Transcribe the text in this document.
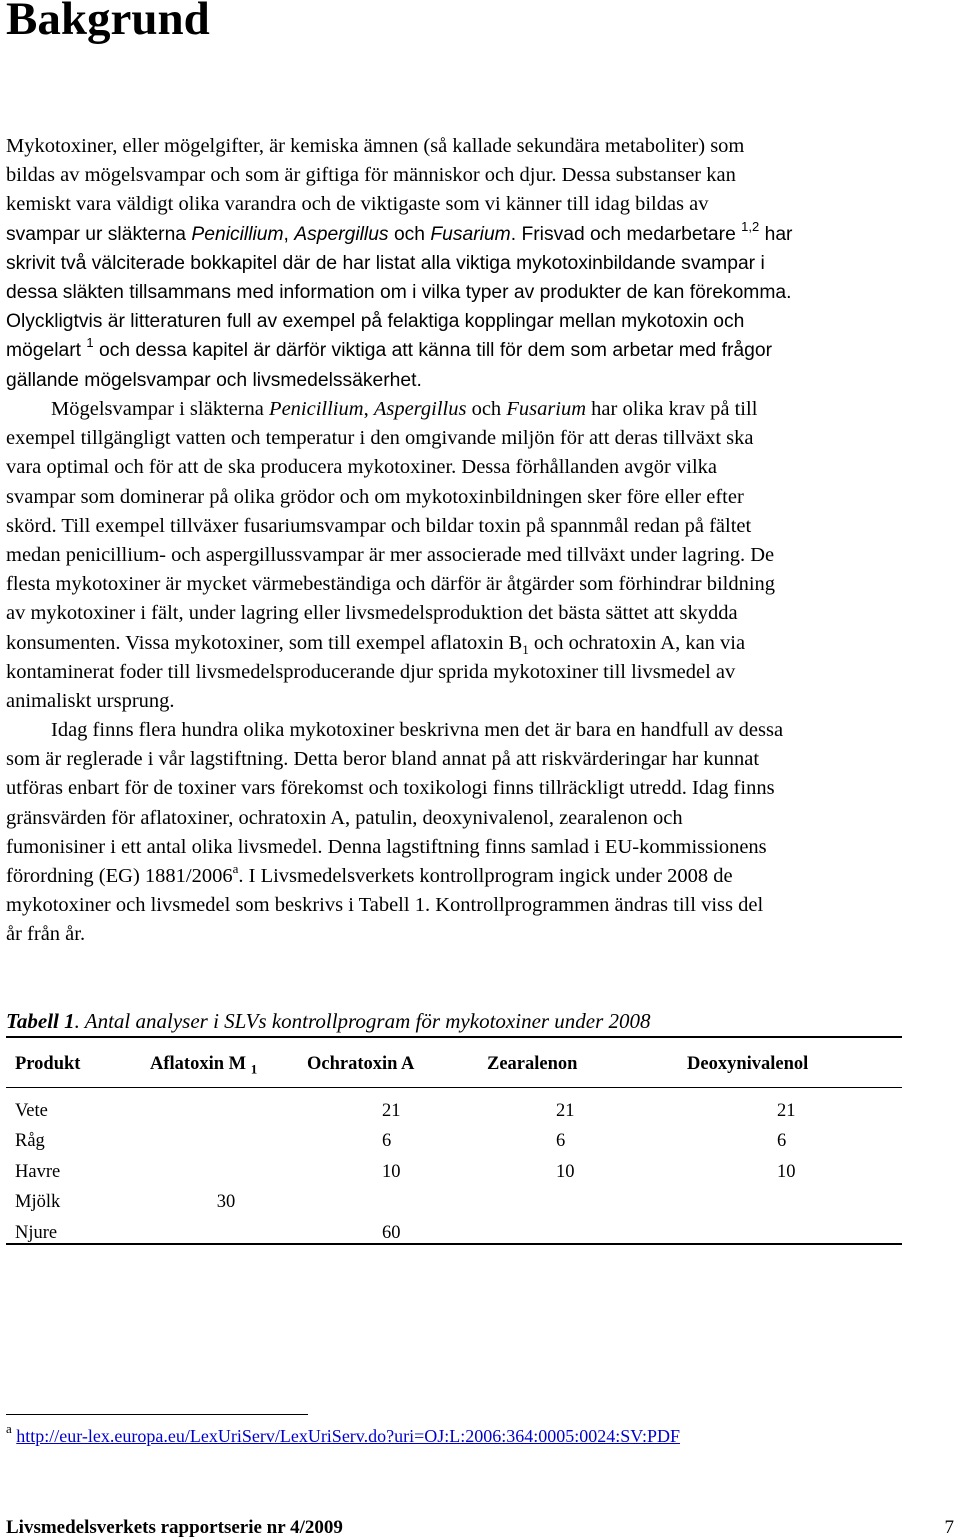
Bakgrund
Mykotoxiner, eller mögelgifter, är kemiska ämnen (så kallade sekundära metaboliter) som
bildas av mögelsvampar och som är giftiga för människor och djur. Dessa substanser kan
kemiskt vara väldigt olika varandra och de viktigaste som vi känner till idag bildas av
svampar ur släkterna Penicillium, Aspergillus och Fusarium. Frisvad och medarbetare $^{1,2}$ har
skrivit två välciterade bokkapitel där de har listat alla viktiga mykotoxinbildande svampar i
dessa släkten tillsammans med information om i vilka typer av produkter de kan förekomma.
Olyckligtvis är litteraturen full av exempel på felaktiga kopplingar mellan mykotoxin och
mögelart $^1$ och dessa kapitel är därför viktiga att känna till för dem som arbetar med frågor
gällande mögelsvampar och livsmedelssäkerhet.
Mögelsvampar i släkterna Penicillium, Aspergillus och Fusarium har olika krav på till
exempel tillgängligt vatten och temperatur i den omgivande miljön för att deras tillväxt ska
vara optimal och för att de ska producera mykotoxiner. Dessa förhållanden avgör vilka
svampar som dominerar på olika grödor och om mykotoxinbildningen sker före eller efter
skörd. Till exempel tillväxer fusariumsvampar och bildar toxin på spannmål redan på fältet
medan penicillium- och aspergillussvampar är mer associerade med tillväxt under lagring. De
flesta mykotoxiner är mycket värmebeständiga och därför är åtgärder som förhindrar bildning
av mykotoxiner i fält, under lagring eller livsmedelsproduktion det bästa sättet att skydda
konsumenten. Vissa mykotoxiner, som till exempel aflatoxin $B_1$ och ochratoxin A, kan via
kontaminerat foder till livsmedelsproducerande djur sprida mykotoxiner till livsmedel av
animaliskt ursprung.
Idag finns flera hundra olika mykotoxiner beskrivna men det är bara en handfull av dessa
som är reglerade i vår lagstiftning. Detta beror bland annat på att riskvärderingar har kunnat
utföras enbart för de toxiner vars förekomst och toxikologi finns tillräckligt utredd. Idag finns
gränsvärden för aflatoxiner, ochratoxin A, patulin, deoxynivalenol, zearalenon och
fumonisiner i ett antal olika livsmedel. Denna lagstiftning finns samlad i EU-kommissionens
förordning (EG) 1881/2006$^a$. I Livsmedelsverkets kontrollprogram ingick under 2008 de
mykotoxiner och livsmedel som beskrivs i Tabell 1. Kontrollprogrammen ändras till viss del
år från år.
Tabell 1. Antal analyser i SLVs kontrollprogram för mykotoxiner under 2008
Produkt	Aflatoxin M $_1$	Ochratoxin A	Zearalenon	Deoxynivalenol

Vete		21	21	21
Råg		6	6	6
Havre		10	10	10
Mjölk	30			
Njure		60		
$^a$ http://eur-lex.europa.eu/LexUriServ/LexUriServ.do?uri=OJ:L:2006:364:0005:0024:SV:PDF
Livsmedelsverkets rapportserie nr 4/2009	7
